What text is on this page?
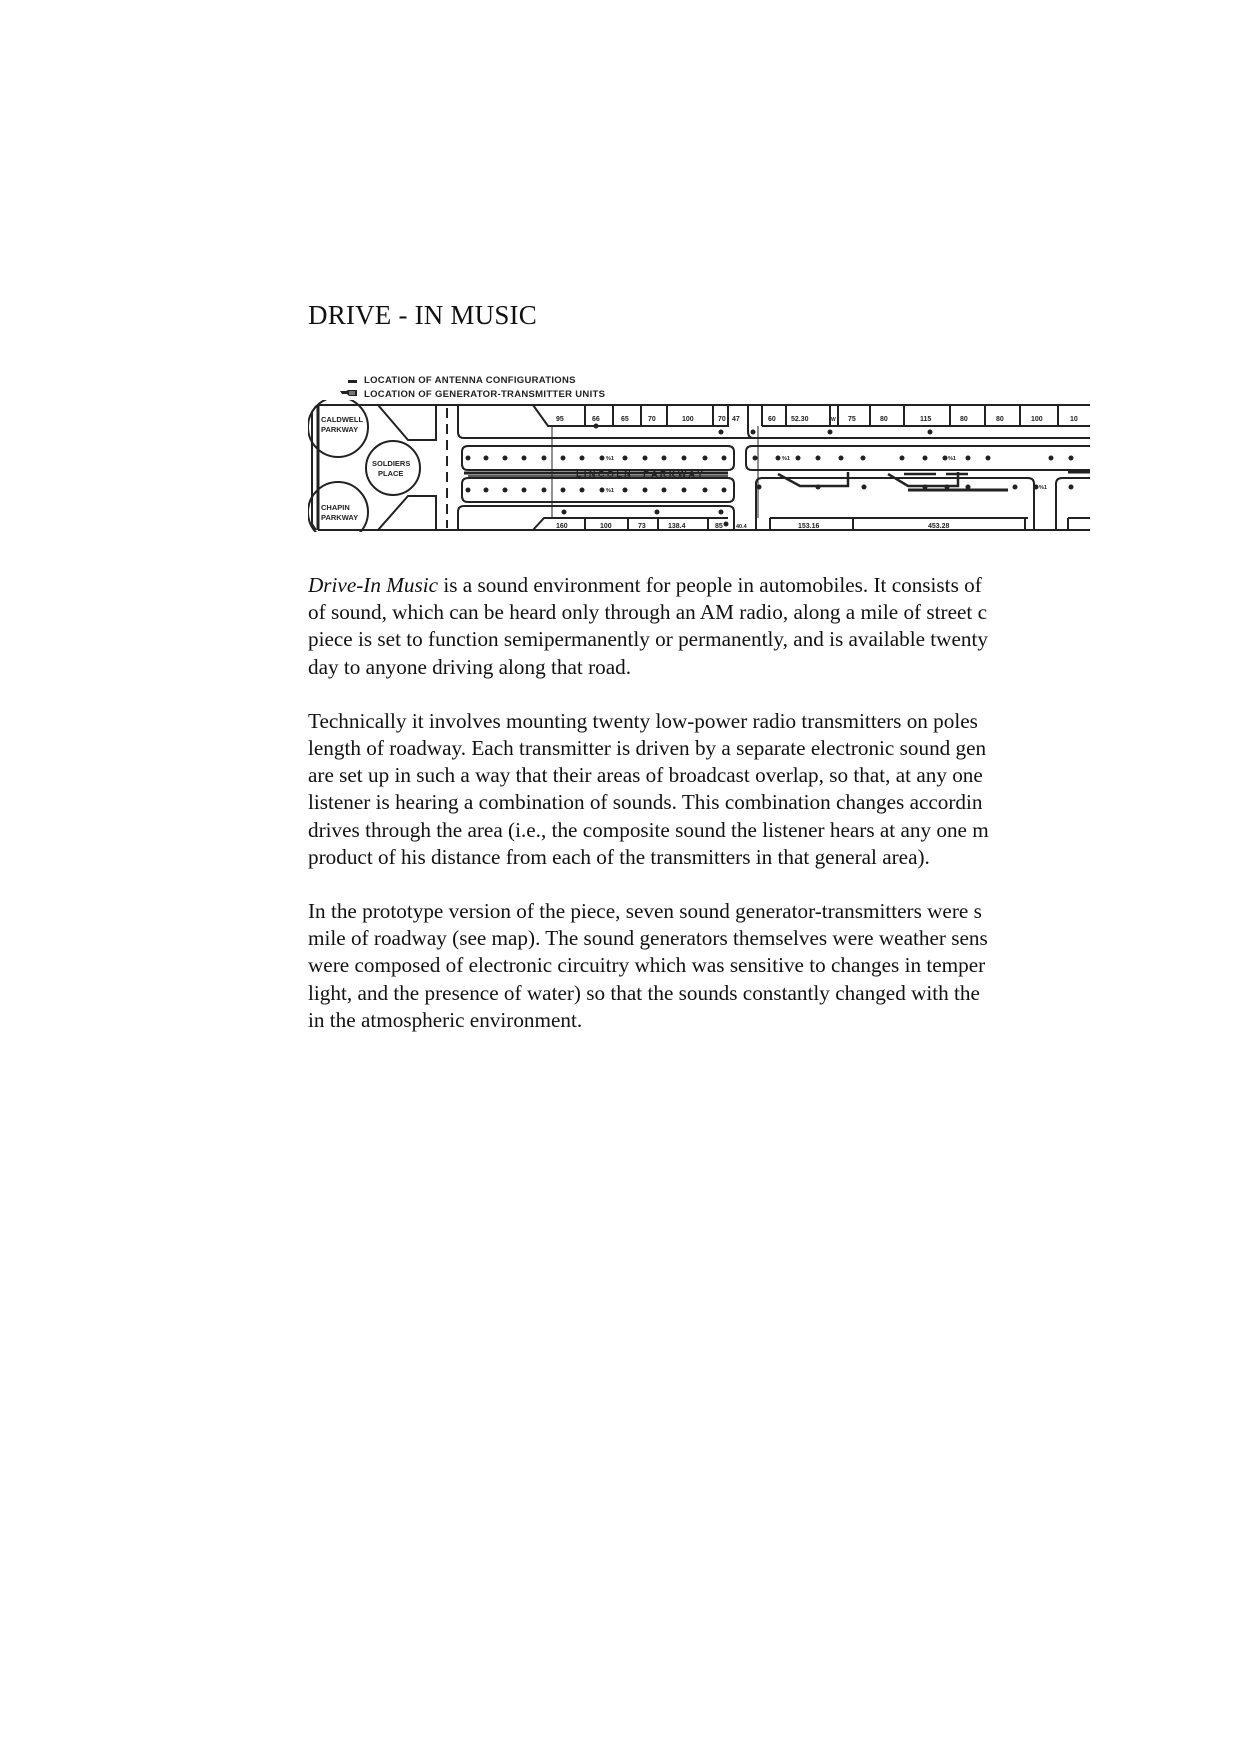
DRIVE - IN MUSIC
LOCATION OF ANTENNA CONFIGURATIONS
LOCATION OF GENERATOR-TRANSMITTER UNITS
CALDWELL
PARKWAY
SOLDIERS
PLACE
CHAPIN
PARKWAY
L I N C O L N     P A R K W A Y
95	66	65	70	100	70 47	60 52.30	W 75	80	115	80	80	100	10
160	100	73	138.4	85 40.4	153.16	453.28
%1
%1
%1	%1
%1

Drive-In Music is a sound environment for people in automobiles. It consists of
of sound, which can be heard only through an AM radio, along a mile of street c
piece is set to function semipermanently or permanently, and is available twenty
day to anyone driving along that road.

Technically it involves mounting twenty low-power radio transmitters on poles
length of roadway. Each transmitter is driven by a separate electronic sound gen
are set up in such a way that their areas of broadcast overlap, so that, at any one
listener is hearing a combination of sounds. This combination changes accordin
drives through the area (i.e., the composite sound the listener hears at any one m
product of his distance from each of the transmitters in that general area).

In the prototype version of the piece, seven sound generator-transmitters were s
mile of roadway (see map). The sound generators themselves were weather sens
were composed of electronic circuitry which was sensitive to changes in temper
light, and the presence of water) so that the sounds constantly changed with the
in the atmospheric environment.
